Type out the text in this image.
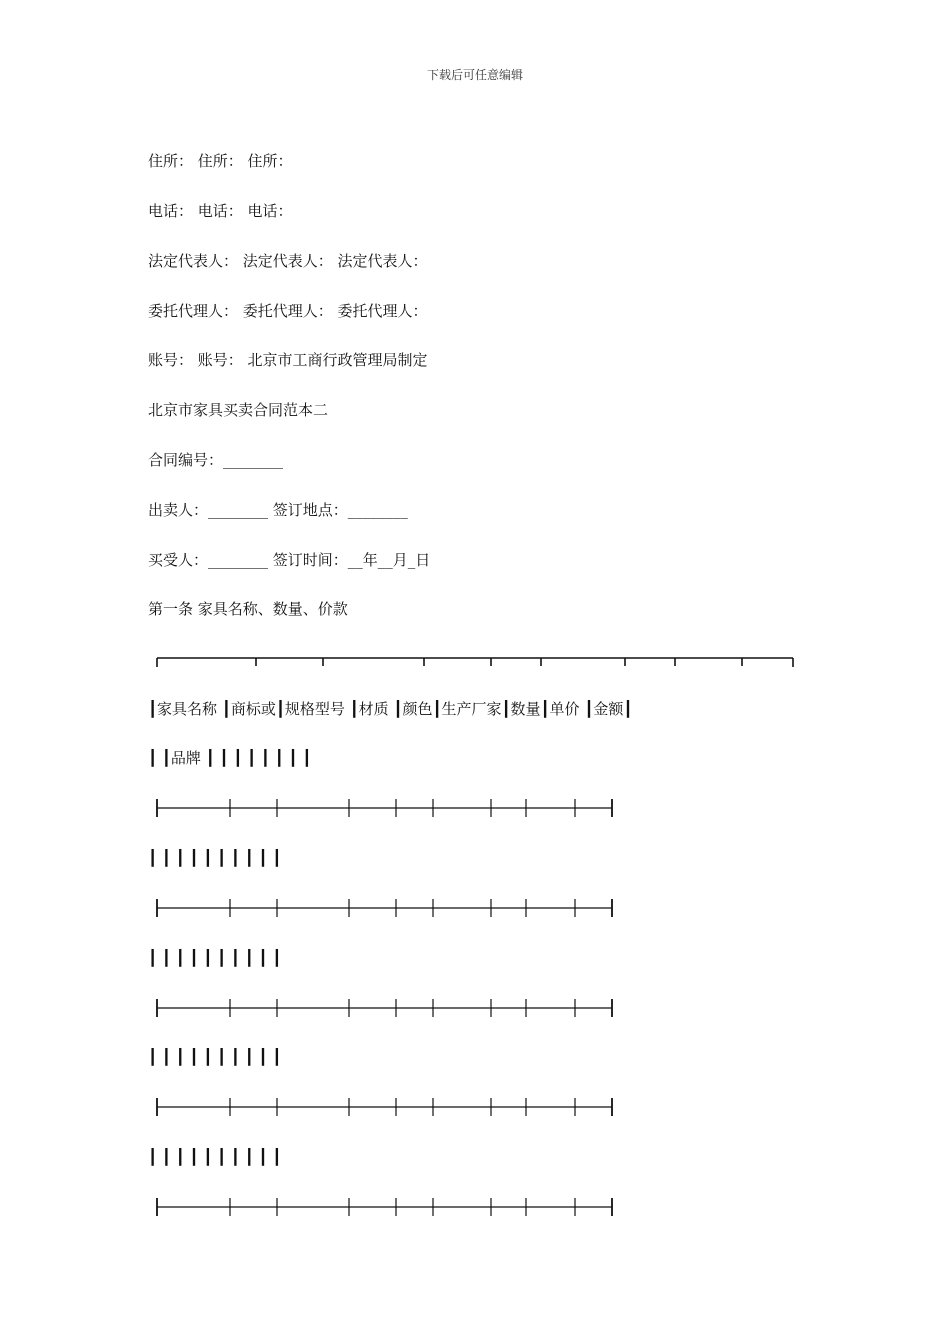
下载后可任意编辑
住所： 住所： 住所：
电话： 电话： 电话：
法定代表人： 法定代表人： 法定代表人：
委托代理人： 委托代理人： 委托代理人：
账号： 账号： 北京市工商行政管理局制定
北京市家具买卖合同范本二
合同编号：________
出卖人：________ 签订地点：________
买受人：________ 签订时间：__年__月_日
第一条 家具名称、数量、价款
┃家具名称 ┃商标或┃规格型号 ┃材质 ┃颜色┃生产厂家┃数量┃单价 ┃金额┃
┃ ┃品牌 ┃ ┃ ┃ ┃ ┃ ┃ ┃ ┃
┃ ┃ ┃ ┃ ┃ ┃ ┃ ┃ ┃ ┃
┃ ┃ ┃ ┃ ┃ ┃ ┃ ┃ ┃ ┃
┃ ┃ ┃ ┃ ┃ ┃ ┃ ┃ ┃ ┃
┃ ┃ ┃ ┃ ┃ ┃ ┃ ┃ ┃ ┃
